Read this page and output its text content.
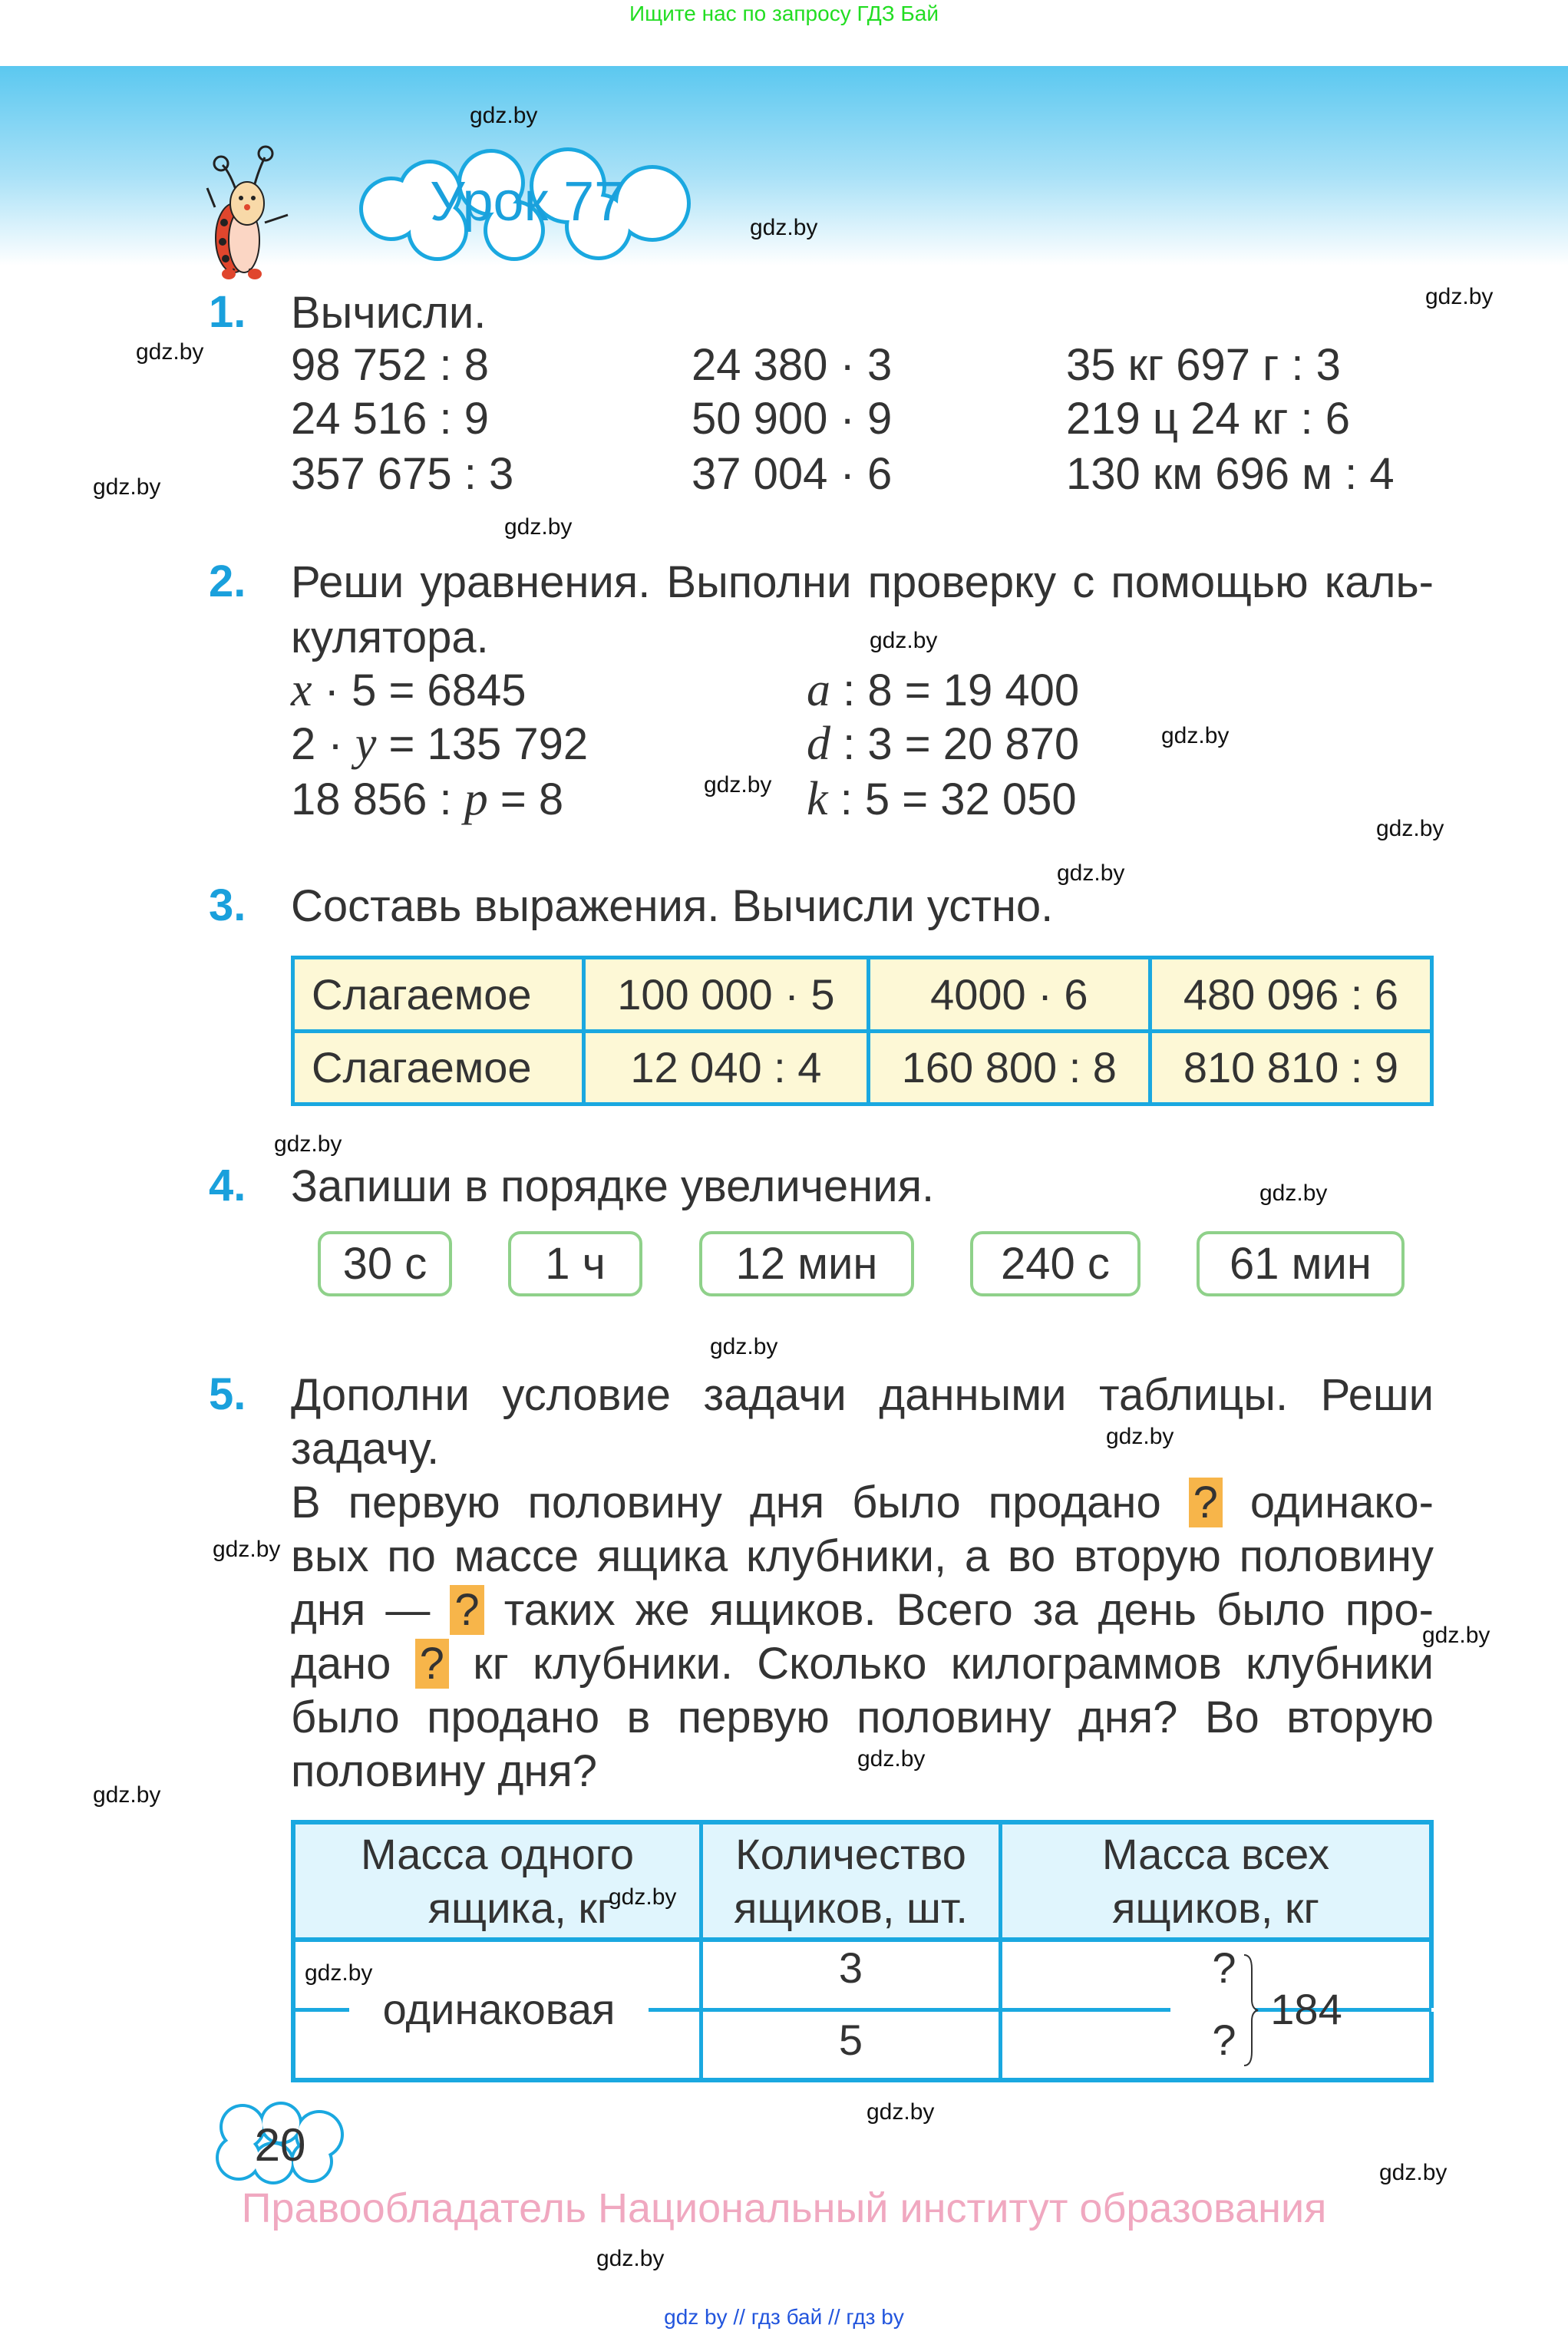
Ищите нас по запросу ГДЗ Бай
Урок 77
1. Вычисли.
98 752 : 8
24 516 : 9
357 675 : 3
24 380 · 3
50 900 · 9
37 004 · 6
35 кг 697 г : 3
219 ц 24 кг : 6
130 км 696 м : 4
2. Реши уравнения. Выполни проверку с помощью каль-
кулятора.
x · 5 = 6845
2 · y = 135 792
18 856 : p = 8
a : 8 = 19 400
d : 3 = 20 870
k : 5 = 32 050
3. Составь выражения. Вычисли устно.
Слагаемое	100 000 · 5	4000 · 6	480 096 : 6
Слагаемое	12 040 : 4	160 800 : 8	810 810 : 9
4. Запиши в порядке увеличения.
30 с	1 ч	12 мин	240 с	61 мин
5. Дополни условие задачи данными таблицы. Реши
задачу.
В первую половину дня было продано ? одинако-
вых по массе ящика клубники, а во вторую половину
дня — ? таких же ящиков. Всего за день было про-
дано ? кг клубники. Сколько килограммов клубники
было продано в первую половину дня? Во вторую
половину дня?
Масса одного
ящика, кг
Количество
ящиков, шт.
Масса всех
ящиков, кг
одинаковая
3
5
?
?
184
20
Правообладатель Национальный институт образования
gdz by // гдз бай // гдз by
gdz.by
gdz.by
gdz.by
gdz.by
gdz.by
gdz.by
gdz.by
gdz.by
gdz.by
gdz.by
gdz.by
gdz.by
gdz.by
gdz.by
gdz.by
gdz.by
gdz.by
gdz.by
gdz.by
gdz.by
gdz.by
gdz.by
gdz.by
gdz.by
